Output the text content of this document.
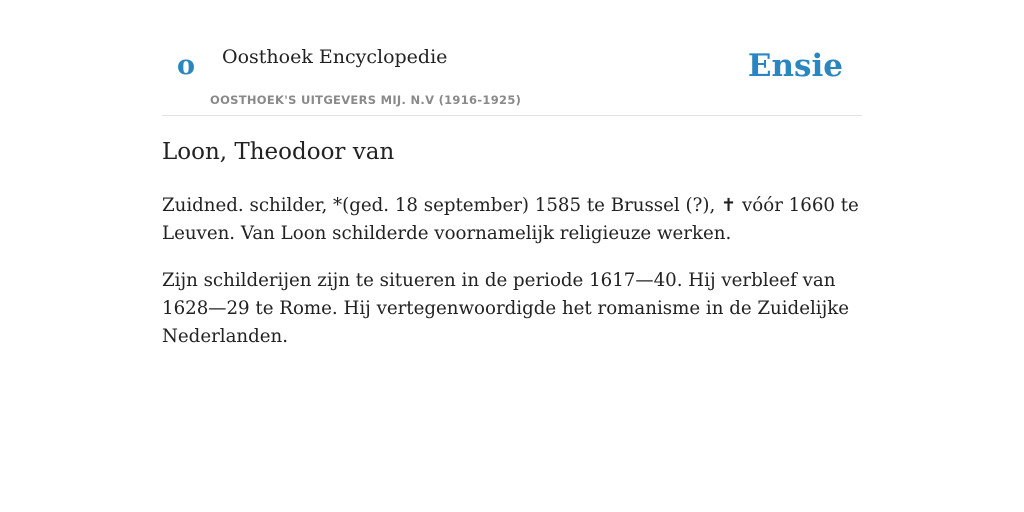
o Oosthoek Encyclopedie
OOSTHOEK'S UITGEVERS MIJ. N.V (1916-1925)
Ensie
Loon, Theodoor van

Zuidned. schilder, *(ged. 18 september) 1585 te Brussel (?), ✝ vóór 1660 te Leuven. Van Loon schilderde voornamelijk religieuze werken.

Zijn schilderijen zijn te situeren in de periode 1617—40. Hij verbleef van 1628—29 te Rome. Hij vertegenwoordigde het romanisme in de Zuidelijke Nederlanden.
